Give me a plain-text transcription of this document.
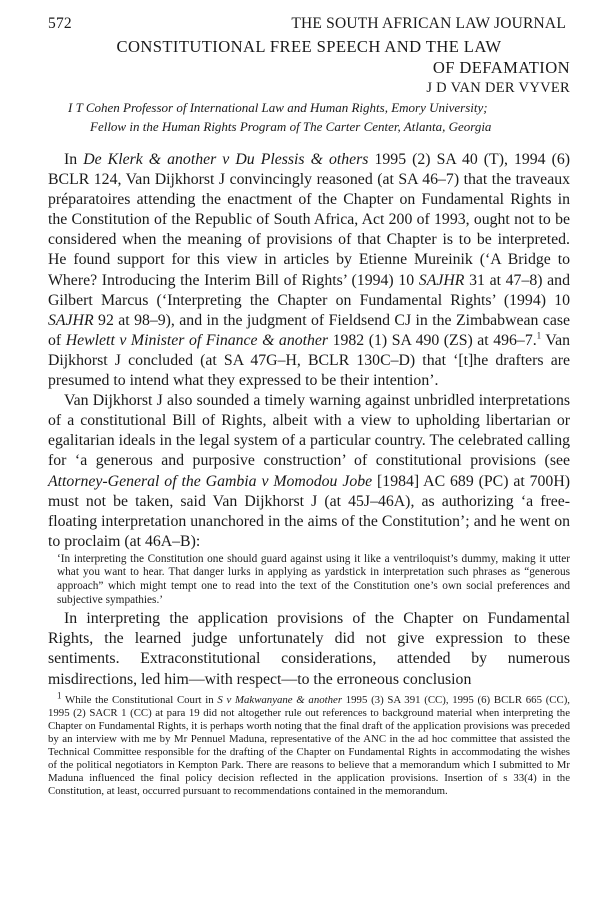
572	THE SOUTH AFRICAN LAW JOURNAL
CONSTITUTIONAL FREE SPEECH AND THE LAW
OF DEFAMATION
J D VAN DER VYVER
I T Cohen Professor of International Law and Human Rights, Emory University;
Fellow in the Human Rights Program of The Carter Center, Atlanta, Georgia

In De Klerk & another v Du Plessis & others 1995 (2) SA 40 (T), 1994 (6) BCLR 124, Van Dijkhorst J convincingly reasoned (at SA 46–7) that the traveaux préparatoires attending the enactment of the Chapter on Fundamental Rights in the Constitution of the Republic of South Africa, Act 200 of 1993, ought not to be considered when the meaning of provisions of that Chapter is to be interpreted. He found support for this view in articles by Etienne Mureinik (‘A Bridge to Where? Introducing the Interim Bill of Rights’ (1994) 10 SAJHR 31 at 47–8) and Gilbert Marcus (‘Interpreting the Chapter on Fundamental Rights’ (1994) 10 SAJHR 92 at 98–9), and in the judgment of Fieldsend CJ in the Zimbabwean case of Hewlett v Minister of Finance & another 1982 (1) SA 490 (ZS) at 496–7.$^1$ Van Dijkhorst J concluded (at SA 47G–H, BCLR 130C–D) that ‘[t]he drafters are presumed to intend what they expressed to be their intention’.

Van Dijkhorst J also sounded a timely warning against unbridled interpretations of a constitutional Bill of Rights, albeit with a view to upholding libertarian or egalitarian ideals in the legal system of a particular country. The celebrated calling for ‘a generous and purposive construction’ of constitutional provisions (see Attorney-General of the Gambia v Momodou Jobe [1984] AC 689 (PC) at 700H) must not be taken, said Van Dijkhorst J (at 45J–46A), as authorizing ‘a free-floating interpretation unanchored in the aims of the Constitution’; and he went on to proclaim (at 46A–B):

‘In interpreting the Constitution one should guard against using it like a ventriloquist’s dummy, making it utter what you want to hear. That danger lurks in applying as yardstick in interpretation such phrases as “generous approach” which might tempt one to read into the text of the Constitution one’s own social preferences and subjective sympathies.’

In interpreting the application provisions of the Chapter on Fundamental Rights, the learned judge unfortunately did not give expression to these sentiments. Extraconstitutional considerations, attended by numerous misdirections, led him—with respect—to the erroneous conclusion

$^1$ While the Constitutional Court in S v Makwanyane & another 1995 (3) SA 391 (CC), 1995 (6) BCLR 665 (CC), 1995 (2) SACR 1 (CC) at para 19 did not altogether rule out references to background material when interpreting the Chapter on Fundamental Rights, it is perhaps worth noting that the final draft of the application provisions was preceded by an interview with me by Mr Pennuel Maduna, representative of the ANC in the ad hoc committee that assisted the Technical Committee responsible for the drafting of the Chapter on Fundamental Rights in accommodating the wishes of the political negotiators in Kempton Park. There are reasons to believe that a memorandum which I submitted to Mr Maduna influenced the final policy decision reflected in the application provisions. Insertion of s 33(4) in the Constitution, at least, occurred pursuant to recommendations contained in the memorandum.
